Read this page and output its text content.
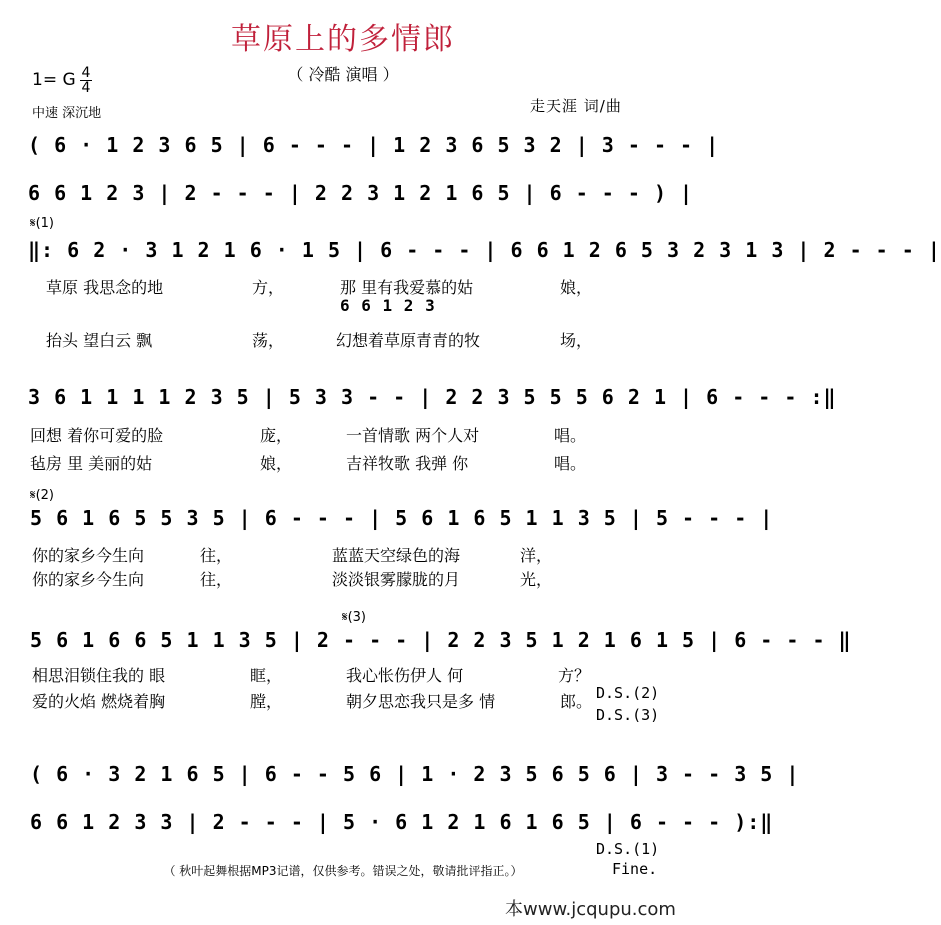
草原上的多情郎
（ 冷酷 演唱 ）
1= G 4
4
中速 深沉地	走天涯 词/曲
( 6 · 1 2 3 6 5 | 6 - - - | 1 2 3 6 5 3 2 | 3 - - - |
6 6 1 2 3 | 2 - - - | 2 2 3 1 2 1 6 5 | 6 - - - ) |
𝄋(1)
‖: 6 2 · 3 1 2 1 6 · 1 5 | 6 - - - | 6 6 1 2 6 5 3 2 3 1 3 | 2 - - - |
草原 我思念的地	方，	那 里有我爱慕的姑	娘，
6 6 1 2 3
抬头 望白云 飘	荡，	幻想着草原青青的牧	场，
3 6 1 1 1 1 2 3 5 | 5 3 3 - - | 2 2 3 5 5 5 6 2 1 | 6 - - - :‖
回想 着你可爱的脸	庞，	一首情歌 两个人对	唱。
毡房 里 美丽的姑	娘，	吉祥牧歌 我弹 你	唱。
𝄋(2)
5 6 1 6 5 5 3 5 | 6 - - - | 5 6 1 6 5 1 1 3 5 | 5 - - - |
你的家乡今生向	往，	蓝蓝天空绿色的海	洋，
你的家乡今生向	往，	淡淡银雾朦胧的月	光，
𝄋(3)
5 6 1 6 6 5 1 1 3 5 | 2 - - - | 2 2 3 5 1 2 1 6 1 5 | 6 - - - ‖
相思泪锁住我的 眼	眶，	我心怅伤伊人 何	方？
爱的火焰 燃烧着胸	膛，	朝夕思恋我只是多 情	郎。 D.S.(2)
D.S.(3)
( 6 · 3 2 1 6 5 | 6 - - 5 6 | 1 · 2 3 5 6 5 6 | 3 - - 3 5 |
6 6 1 2 3 3 | 2 - - - | 5 · 6 1 2 1 6 1 6 5 | 6 - - - ):‖
D.S.(1)
Fine.
（ 秋叶起舞根据MP3记谱，仅供参考。错误之处，敬请批评指正。）
本www.jcqupu.com
